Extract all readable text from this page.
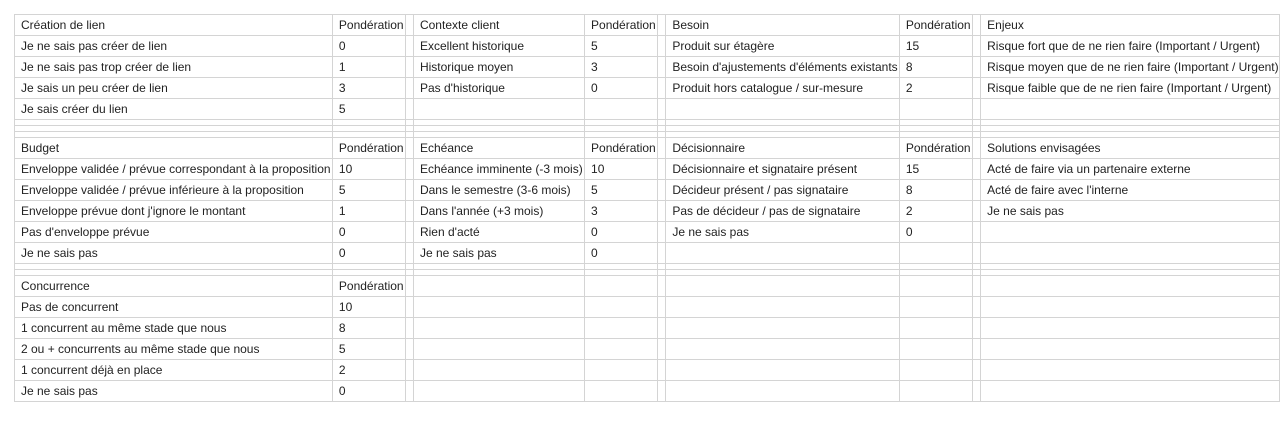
Création de lien	Pondération		Contexte client	Pondération		Besoin	Pondération		Enjeux
Je ne sais pas créer de lien	0		Excellent historique	5		Produit sur étagère	15		Risque fort que de ne rien faire (Important / Urgent)
Je ne sais pas trop créer de lien	1		Historique moyen	3		Besoin d'ajustements d'éléments existants	8		Risque moyen que de ne rien faire (Important / Urgent)
Je sais un peu créer de lien	3		Pas d'historique	0		Produit hors catalogue / sur-mesure	2		Risque faible que de ne rien faire (Important / Urgent)
Je sais créer du lien	5								

Budget	Pondération		Echéance	Pondération		Décisionnaire	Pondération		Solutions envisagées
Enveloppe validée / prévue correspondant à la proposition	10		Echéance imminente (-3 mois)	10		Décisionnaire et signataire présent	15		Acté de faire via un partenaire externe
Enveloppe validée / prévue inférieure à la proposition	5		Dans le semestre (3-6 mois)	5		Décideur présent / pas signataire	8		Acté de faire avec l'interne
Enveloppe prévue dont j'ignore le montant	1		Dans l'année (+3 mois)	3		Pas de décideur / pas de signataire	2		Je ne sais pas
Pas d'enveloppe prévue	0		Rien d'acté	0		Je ne sais pas	0		
Je ne sais pas	0		Je ne sais pas	0					

Concurrence	Pondération								
Pas de concurrent	10								
1 concurrent au même stade que nous	8								
2 ou + concurrents au même stade que nous	5								
1 concurrent déjà en place	2								
Je ne sais pas	0								
